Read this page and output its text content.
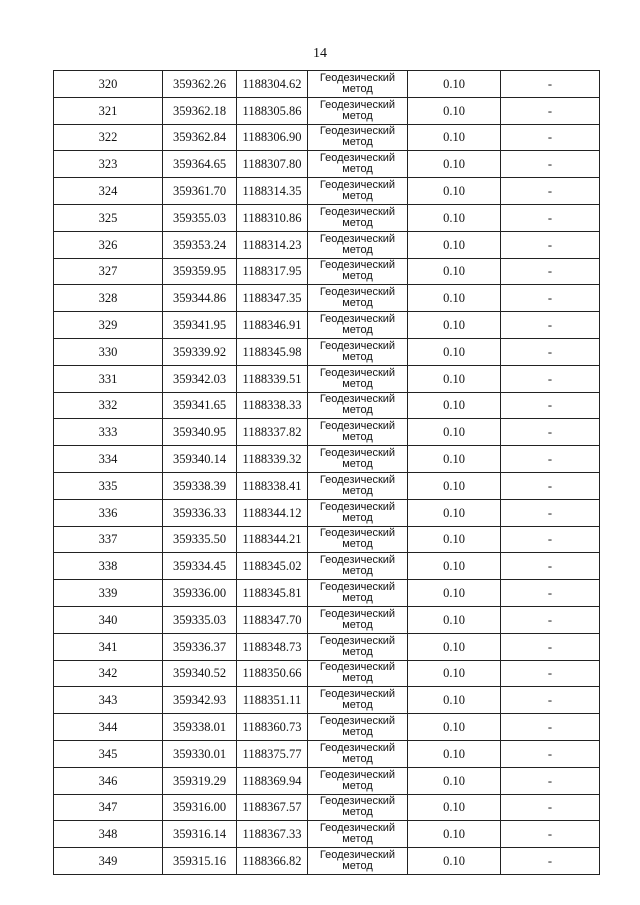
14
320	359362.26	1188304.62	Геодезический метод	0.10	-
321	359362.18	1188305.86	Геодезический метод	0.10	-
322	359362.84	1188306.90	Геодезический метод	0.10	-
323	359364.65	1188307.80	Геодезический метод	0.10	-
324	359361.70	1188314.35	Геодезический метод	0.10	-
325	359355.03	1188310.86	Геодезический метод	0.10	-
326	359353.24	1188314.23	Геодезический метод	0.10	-
327	359359.95	1188317.95	Геодезический метод	0.10	-
328	359344.86	1188347.35	Геодезический метод	0.10	-
329	359341.95	1188346.91	Геодезический метод	0.10	-
330	359339.92	1188345.98	Геодезический метод	0.10	-
331	359342.03	1188339.51	Геодезический метод	0.10	-
332	359341.65	1188338.33	Геодезический метод	0.10	-
333	359340.95	1188337.82	Геодезический метод	0.10	-
334	359340.14	1188339.32	Геодезический метод	0.10	-
335	359338.39	1188338.41	Геодезический метод	0.10	-
336	359336.33	1188344.12	Геодезический метод	0.10	-
337	359335.50	1188344.21	Геодезический метод	0.10	-
338	359334.45	1188345.02	Геодезический метод	0.10	-
339	359336.00	1188345.81	Геодезический метод	0.10	-
340	359335.03	1188347.70	Геодезический метод	0.10	-
341	359336.37	1188348.73	Геодезический метод	0.10	-
342	359340.52	1188350.66	Геодезический метод	0.10	-
343	359342.93	1188351.11	Геодезический метод	0.10	-
344	359338.01	1188360.73	Геодезический метод	0.10	-
345	359330.01	1188375.77	Геодезический метод	0.10	-
346	359319.29	1188369.94	Геодезический метод	0.10	-
347	359316.00	1188367.57	Геодезический метод	0.10	-
348	359316.14	1188367.33	Геодезический метод	0.10	-
349	359315.16	1188366.82	Геодезический метод	0.10	-
